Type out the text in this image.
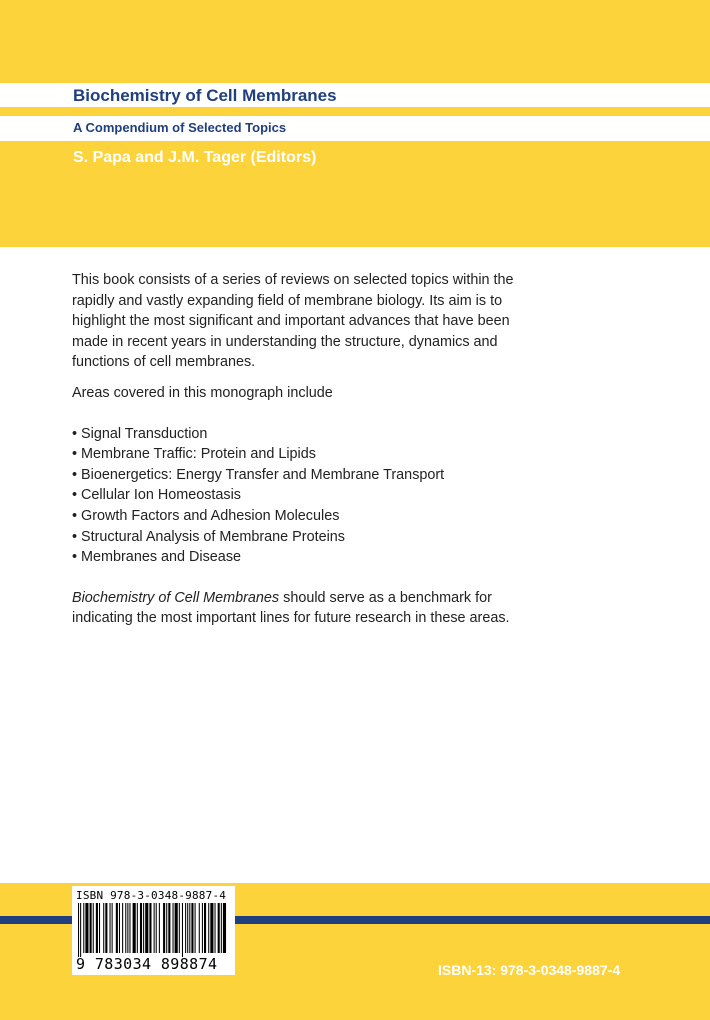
Biochemistry of Cell Membranes
A Compendium of Selected Topics
S. Papa and J.M. Tager (Editors)

This book consists of a series of reviews on selected topics within the rapidly and vastly expanding field of membrane biology. Its aim is to highlight the most significant and important advances that have been made in recent years in understanding the structure, dynamics and functions of cell membranes.

Areas covered in this monograph include

• Signal Transduction
• Membrane Traffic: Protein and Lipids
• Bioenergetics: Energy Transfer and Membrane Transport
• Cellular Ion Homeostasis
• Growth Factors and Adhesion Molecules
• Structural Analysis of Membrane Proteins
• Membranes and Disease

Biochemistry of Cell Membranes should serve as a benchmark for indicating the most important lines for future research in these areas.

ISBN 978-3-0348-9887-4
9 783034 898874	ISBN-13: 978-3-0348-9887-4
